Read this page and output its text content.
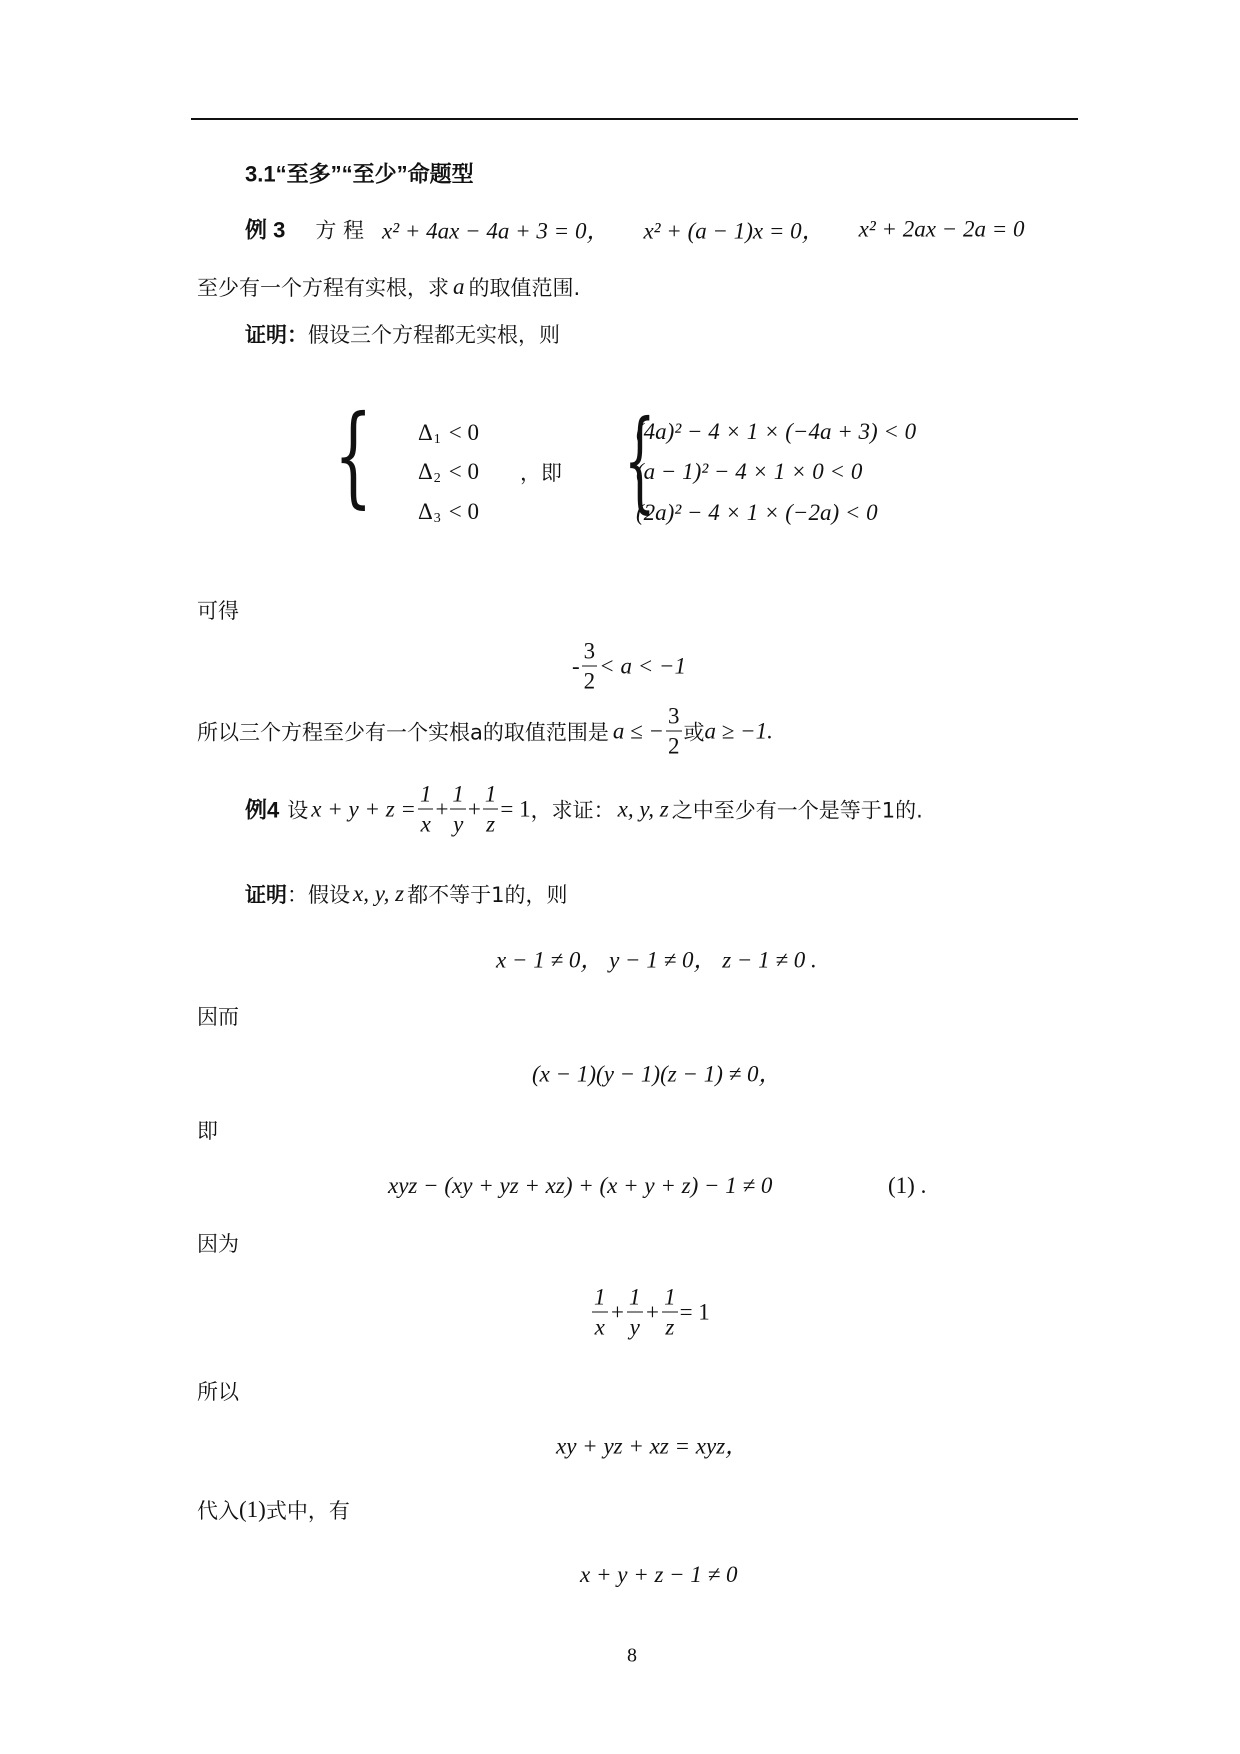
3.1“至多”“至少”命题型
例 3 方 程 x² + 4ax − 4a + 3 = 0， x² + (a − 1)x = 0， x² + 2ax − 2a = 0
至少有一个方程有实根，求 a 的取值范围.
证明： 假设三个方程都无实根，则
{ Δ 1 < 0
Δ 2 < 0
Δ 3 < 0
，即 {
(4a)² − 4 × 1 × (−4a + 3) < 0
(a − 1)² − 4 × 1 × 0 < 0
(2a)² − 4 × 1 × (−2a) < 0
可得
- $\frac{3}{2} < a < -1$
所以三个方程至少有一个实根a的取值范围是 a ≤ − $\frac{3}{2}$ 或 a ≥ −1.
例4 设 $x + y + z = \frac{1}{x} + \frac{1}{y} + \frac{1}{z} = 1$ ，求证： x, y, z 之中至少有一个是等于1的.
证明 ：假设 x, y, z 都不等于1的，则
x − 1 ≠ 0， y − 1 ≠ 0， z − 1 ≠ 0 .
因而
(x − 1)(y − 1)(z − 1) ≠ 0，
即
xyz − (xy + yz + xz) + (x + y + z) − 1 ≠ 0	(1) .
因为
$\frac{1}{x} + \frac{1}{y} + \frac{1}{z} = 1$
所以
xy + yz + xz = xyz，
代入 (1) 式中，有
x + y + z − 1 ≠ 0
8
